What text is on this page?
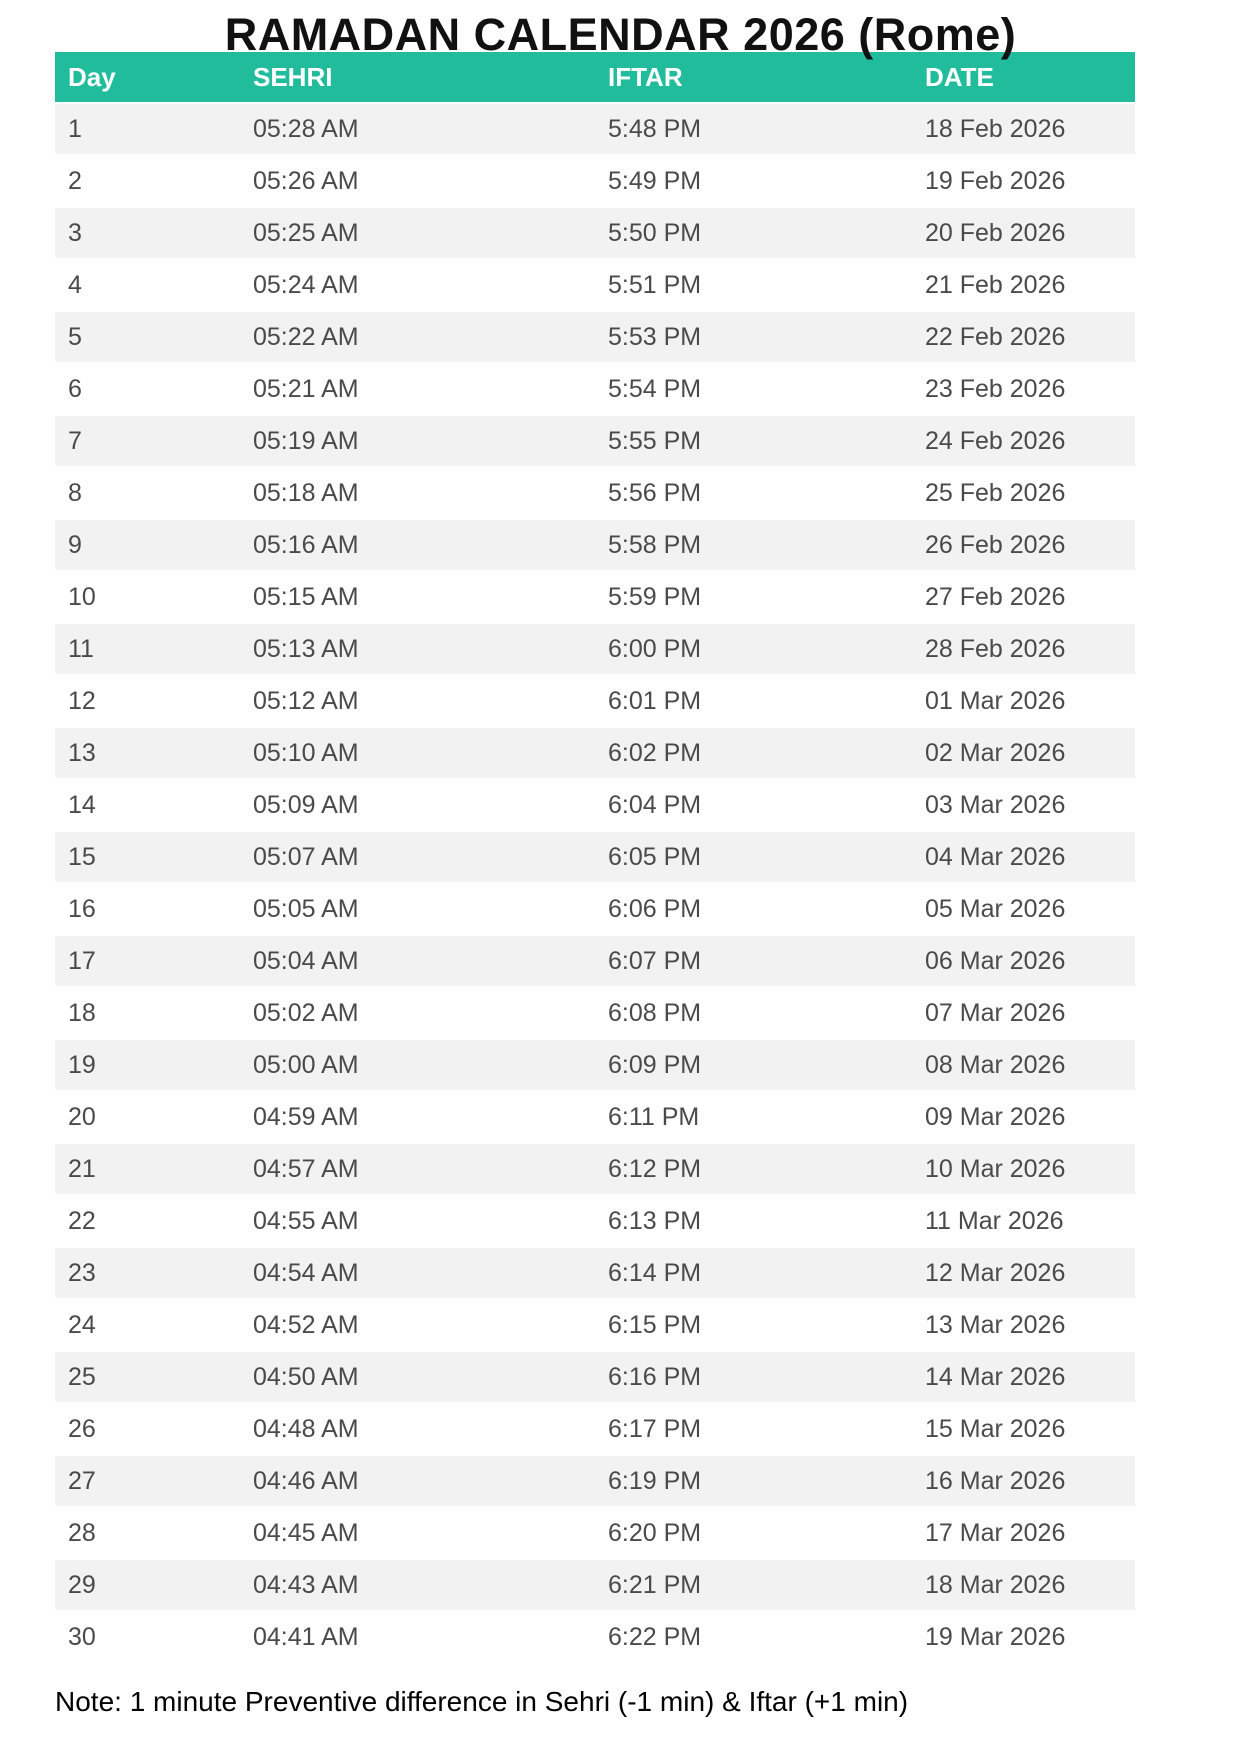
RAMADAN CALENDAR 2026 (Rome)
Day	SEHRI	IFTAR	DATE
1	05:28 AM	5:48 PM	18 Feb 2026
2	05:26 AM	5:49 PM	19 Feb 2026
3	05:25 AM	5:50 PM	20 Feb 2026
4	05:24 AM	5:51 PM	21 Feb 2026
5	05:22 AM	5:53 PM	22 Feb 2026
6	05:21 AM	5:54 PM	23 Feb 2026
7	05:19 AM	5:55 PM	24 Feb 2026
8	05:18 AM	5:56 PM	25 Feb 2026
9	05:16 AM	5:58 PM	26 Feb 2026
10	05:15 AM	5:59 PM	27 Feb 2026
11	05:13 AM	6:00 PM	28 Feb 2026
12	05:12 AM	6:01 PM	01 Mar 2026
13	05:10 AM	6:02 PM	02 Mar 2026
14	05:09 AM	6:04 PM	03 Mar 2026
15	05:07 AM	6:05 PM	04 Mar 2026
16	05:05 AM	6:06 PM	05 Mar 2026
17	05:04 AM	6:07 PM	06 Mar 2026
18	05:02 AM	6:08 PM	07 Mar 2026
19	05:00 AM	6:09 PM	08 Mar 2026
20	04:59 AM	6:11 PM	09 Mar 2026
21	04:57 AM	6:12 PM	10 Mar 2026
22	04:55 AM	6:13 PM	11 Mar 2026
23	04:54 AM	6:14 PM	12 Mar 2026
24	04:52 AM	6:15 PM	13 Mar 2026
25	04:50 AM	6:16 PM	14 Mar 2026
26	04:48 AM	6:17 PM	15 Mar 2026
27	04:46 AM	6:19 PM	16 Mar 2026
28	04:45 AM	6:20 PM	17 Mar 2026
29	04:43 AM	6:21 PM	18 Mar 2026
30	04:41 AM	6:22 PM	19 Mar 2026

Note: 1 minute Preventive difference in Sehri (-1 min) & Iftar (+1 min)
